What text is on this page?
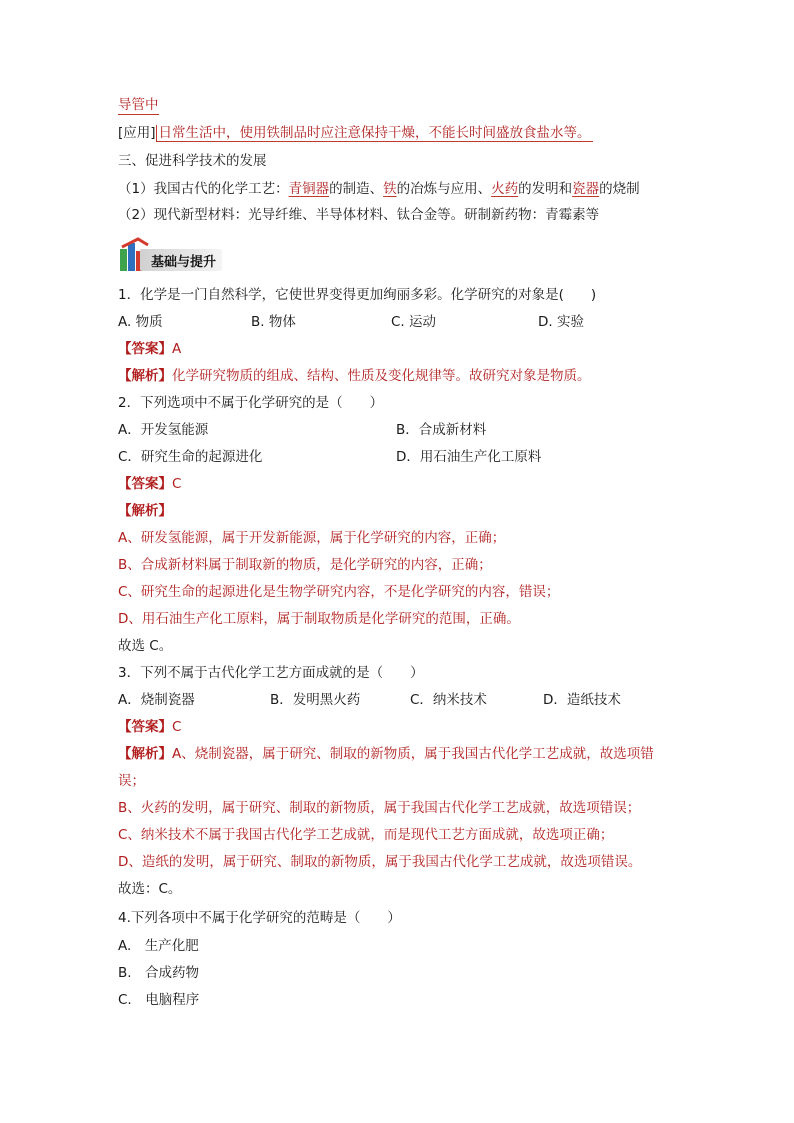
导管中
[应用] 日常生活中，使用铁制品时应注意保持干燥，不能长时间盛放食盐水等。
三、促进科学技术的发展
（1）我国古代的化学工艺：青铜器的制造、铁的冶炼与应用、火药的发明和瓷器的烧制
（2）现代新型材料：光导纤维、半导体材料、钛合金等。研制新药物：青霉素等
基础与提升
1．化学是一门自然科学，它使世界变得更加绚丽多彩。化学研究的对象是(　　)
A. 物质	B. 物体	C. 运动	D. 实验
【答案】A
【解析】化学研究物质的组成、结构、性质及变化规律等。故研究对象是物质。
2．下列选项中不属于化学研究的是（　　）
A．开发氢能源	B．合成新材料
C．研究生命的起源进化	D．用石油生产化工原料
【答案】C
【解析】
A、研发氢能源，属于开发新能源，属于化学研究的内容，正确；
B、合成新材料属于制取新的物质，是化学研究的内容，正确；
C、研究生命的起源进化是生物学研究内容，不是化学研究的内容，错误；
D、用石油生产化工原料，属于制取物质是化学研究的范围，正确。
故选 C。
3．下列不属于古代化学工艺方面成就的是（　　）
A．烧制瓷器	B．发明黑火药	C．纳米技术	D．造纸技术
【答案】C
【解析】A、烧制瓷器，属于研究、制取的新物质，属于我国古代化学工艺成就，故选项错
误；
B、火药的发明，属于研究、制取的新物质，属于我国古代化学工艺成就，故选项错误；
C、纳米技术不属于我国古代化学工艺成就，而是现代工艺方面成就，故选项正确；
D、造纸的发明，属于研究、制取的新物质，属于我国古代化学工艺成就，故选项错误。
故选：C。
4.下列各项中不属于化学研究的范畴是（　　）
A.　生产化肥
B.　合成药物
C.　电脑程序
